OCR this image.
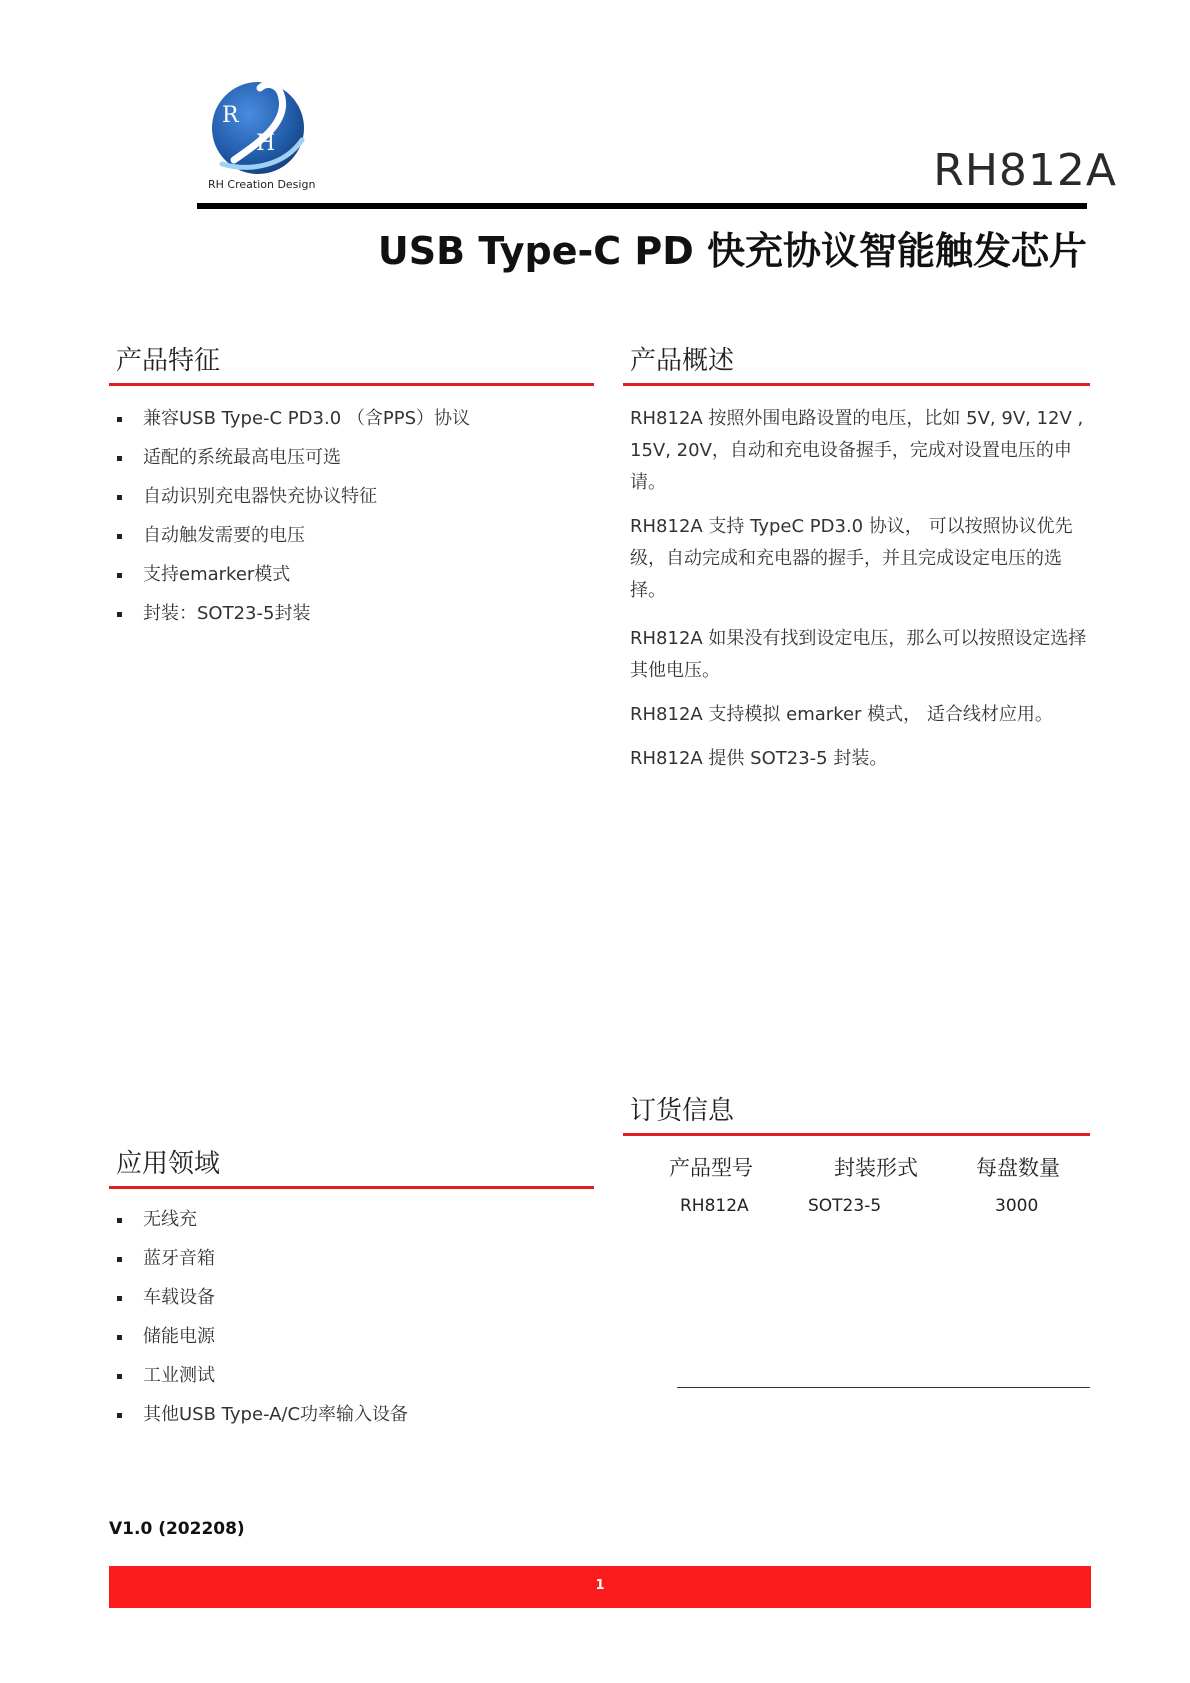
R
H
RH Creation Design	RH812A
USB Type-C PD 快充协议智能触发芯片
产品特征
兼容USB Type-C PD3.0 （含PPS）协议
适配的系统最高电压可选
自动识别充电器快充协议特征
自动触发需要的电压
支持emarker模式
封装：SOT23-5封装
产品概述

RH812A 按照外围电路设置的电压，比如 5V, 9V, 12V , 15V, 20V，自动和充电设备握手，完成对设置电压的申请。

RH812A 支持 TypeC PD3.0 协议， 可以按照协议优先级，自动完成和充电器的握手，并且完成设定电压的选择。

RH812A 如果没有找到设定电压，那么可以按照设定选择其他电压。

RH812A 支持模拟 emarker 模式， 适合线材应用。

RH812A 提供 SOT23-5 封装。

订货信息
产品型号	封装形式	每盘数量
RH812A	SOT23-5	3000
应用领域
无线充
蓝牙音箱
车载设备
储能电源
工业测试
其他USB Type-A/C功率输入设备
V1.0 (202208)
1
